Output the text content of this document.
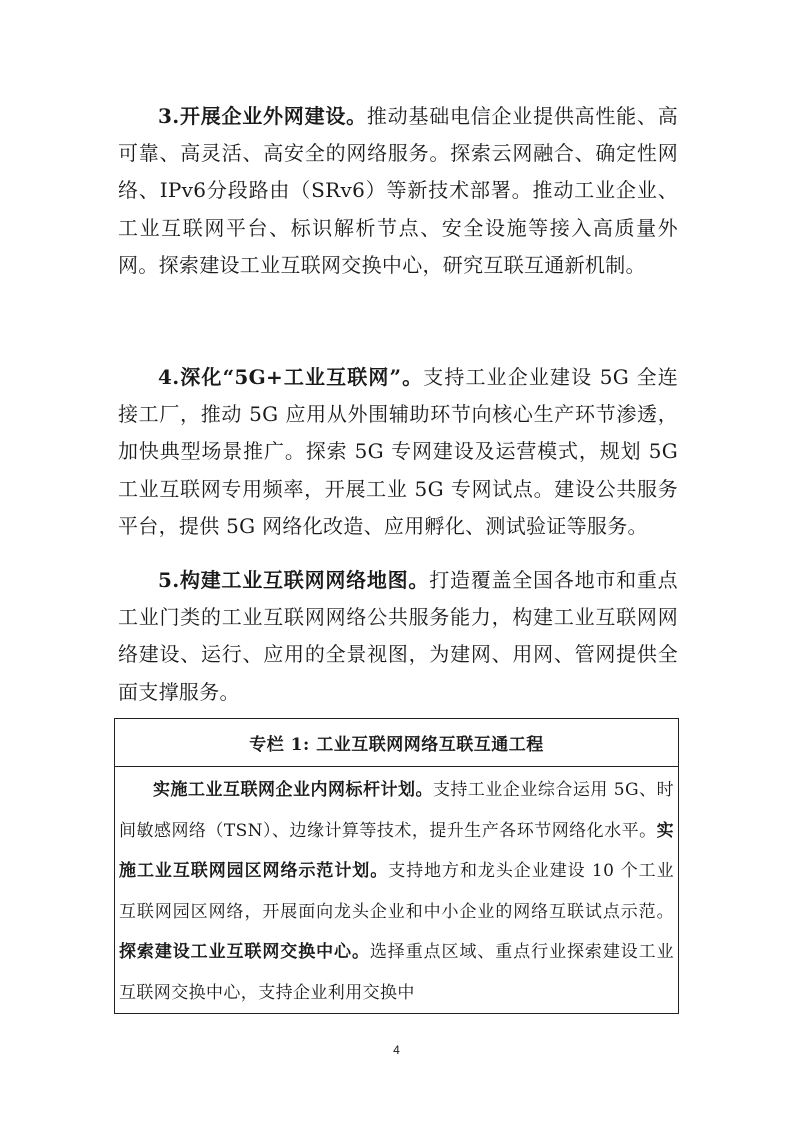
3.开展企业外网建设。推动基础电信企业提供高性能、高可靠、高灵活、高安全的网络服务。探索云网融合、确定性网络、IPv6分段路由（SRv6）等新技术部署。推动工业企业、工业互联网平台、标识解析节点、安全设施等接入高质量外网。探索建设工业互联网交换中心，研究互联互通新机制。

4.深化“5G+工业互联网”。支持工业企业建设 5G 全连接工厂，推动 5G 应用从外围辅助环节向核心生产环节渗透，加快典型场景推广。探索 5G 专网建设及运营模式，规划 5G 工业互联网专用频率，开展工业 5G 专网试点。建设公共服务平台，提供 5G 网络化改造、应用孵化、测试验证等服务。

5.构建工业互联网网络地图。打造覆盖全国各地市和重点工业门类的工业互联网网络公共服务能力，构建工业互联网网络建设、运行、应用的全景视图，为建网、用网、管网提供全面支撑服务。

专栏 1: 工业互联网网络互联互通工程
实施工业互联网企业内网标杆计划。支持工业企业综合运用 5G、时间敏感网络（TSN）、边缘计算等技术，提升生产各环节网络化水平。实施工业互联网园区网络示范计划。支持地方和龙头企业建设 10 个工业互联网园区网络，开展面向龙头企业和中小企业的网络互联试点示范。探索建设工业互联网交换中心。选择重点区域、重点行业探索建设工业互联网交换中心，支持企业利用交换中
4
